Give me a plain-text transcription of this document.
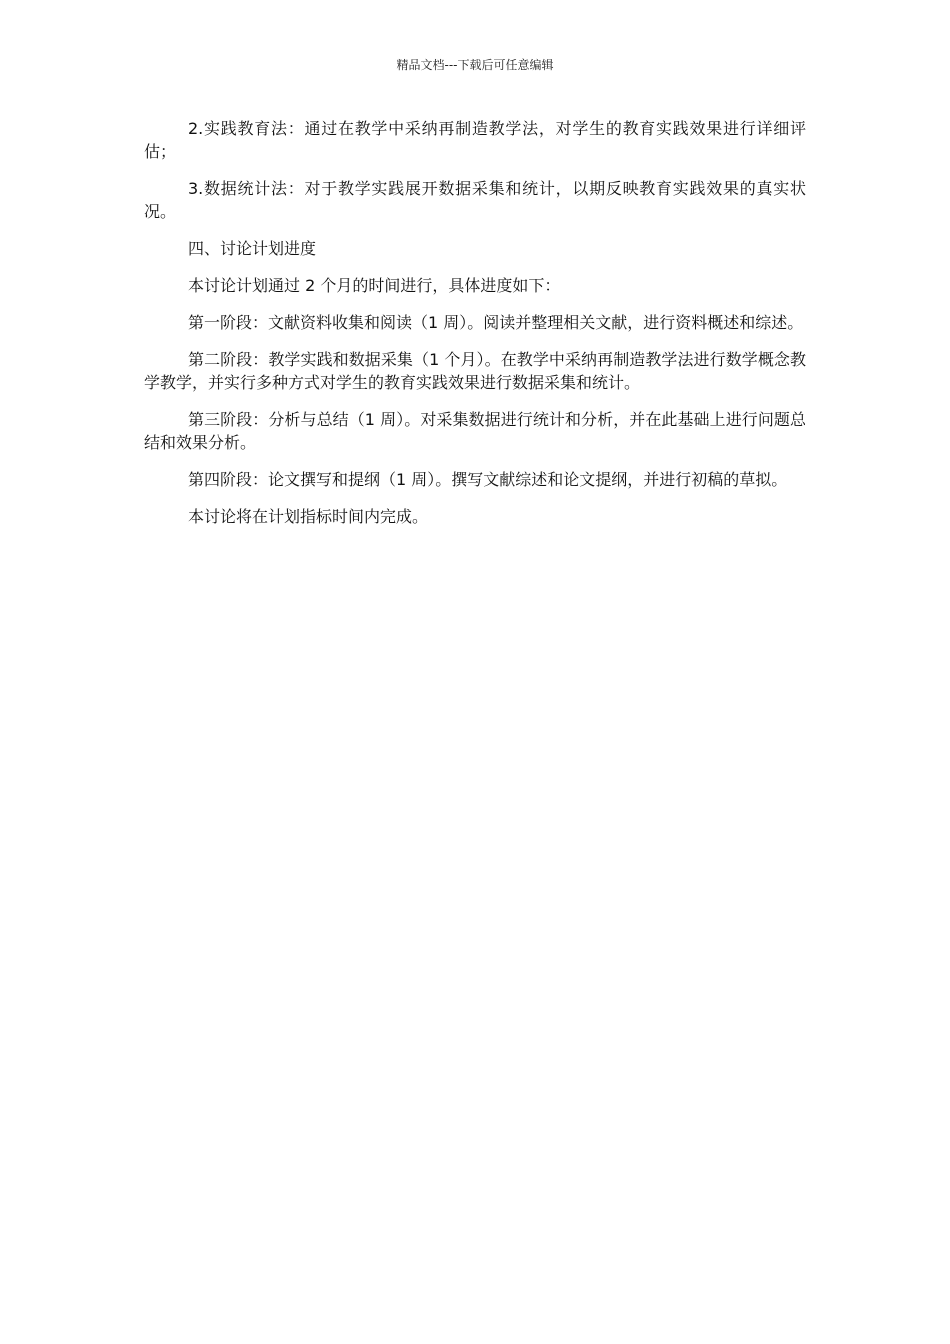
精品文档---下载后可任意编辑

2.实践教育法：通过在教学中采纳再制造教学法，对学生的教育实践效果进行详细评估；

3.数据统计法：对于教学实践展开数据采集和统计，以期反映教育实践效果的真实状况。

四、讨论计划进度

本讨论计划通过 2 个月的时间进行，具体进度如下：

第一阶段：文献资料收集和阅读（1 周）。阅读并整理相关文献，进行资料概述和综述。

第二阶段：教学实践和数据采集（1 个月）。在教学中采纳再制造教学法进行数学概念教学教学，并实行多种方式对学生的教育实践效果进行数据采集和统计。

第三阶段：分析与总结（1 周）。对采集数据进行统计和分析，并在此基础上进行问题总结和效果分析。

第四阶段：论文撰写和提纲（1 周）。撰写文献综述和论文提纲，并进行初稿的草拟。

本讨论将在计划指标时间内完成。
